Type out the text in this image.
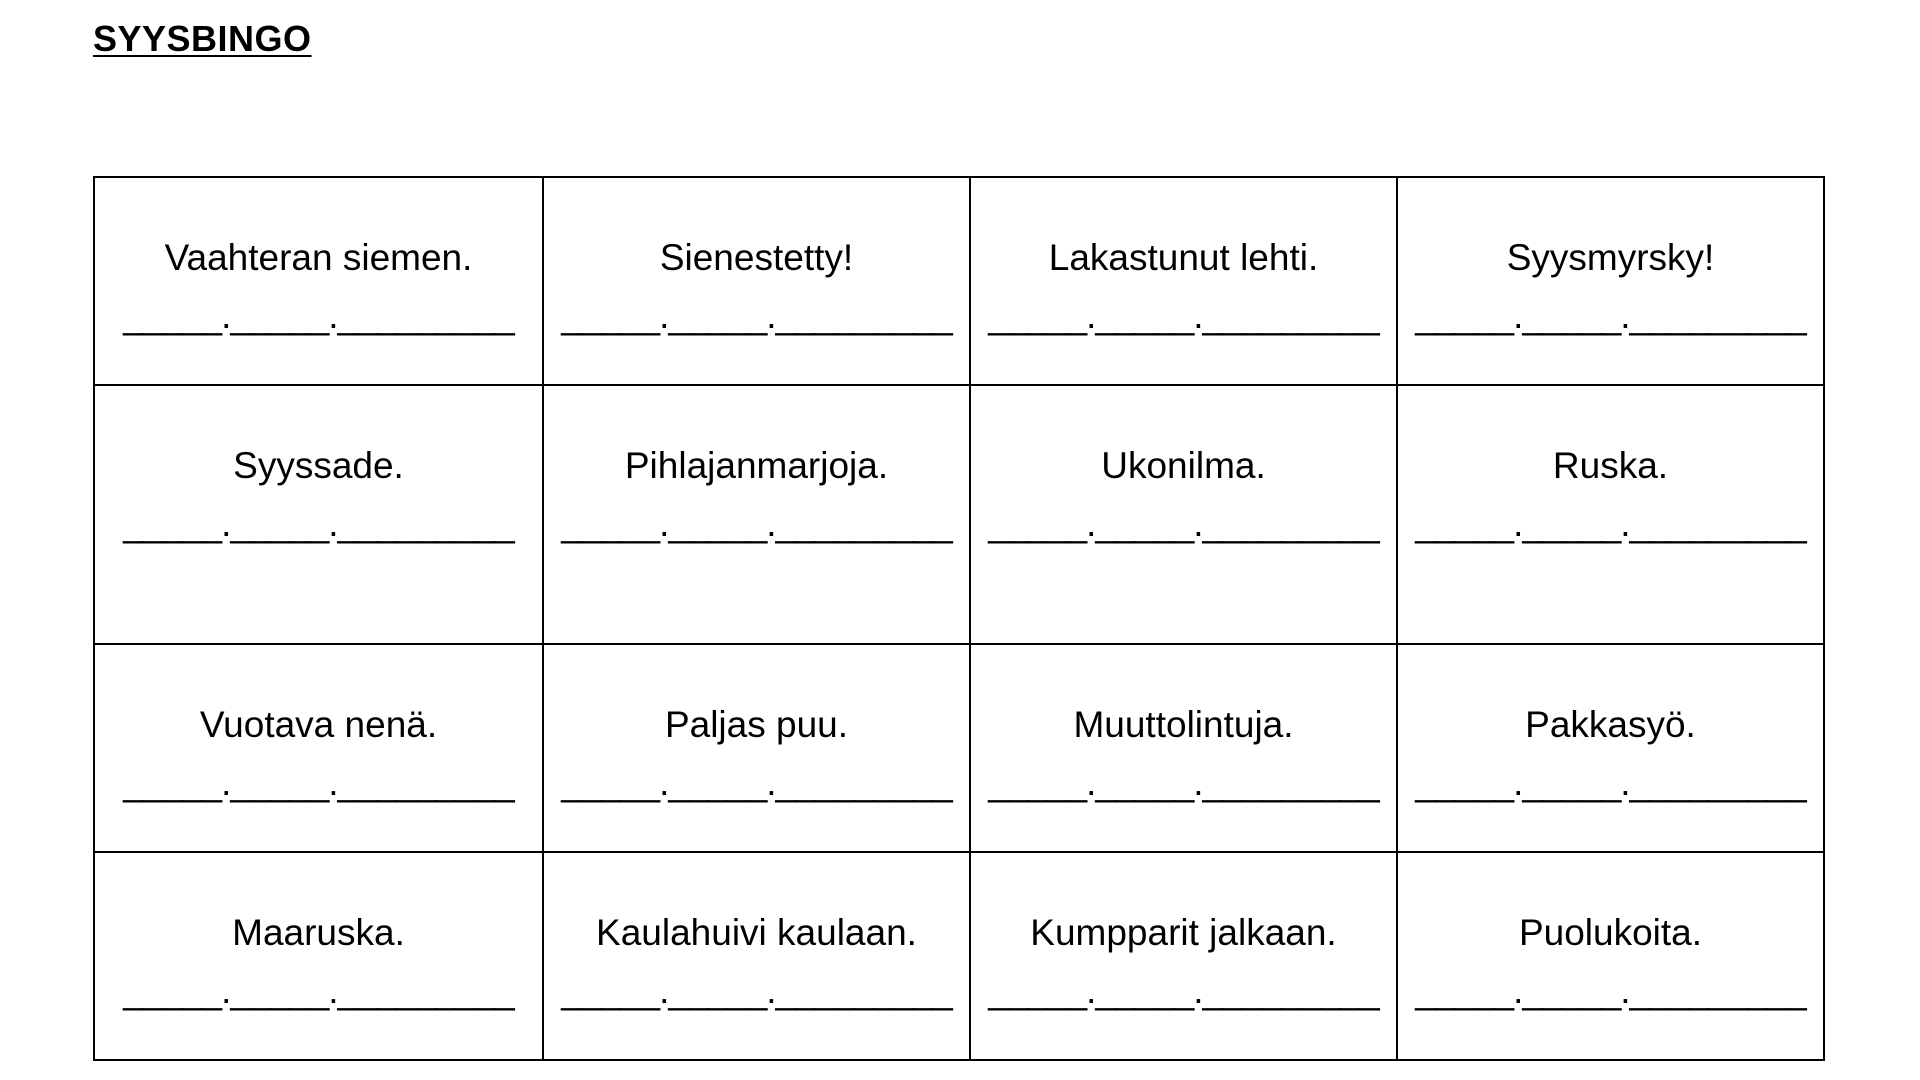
SYYSBINGO
Vaahteran siemen.
_____._____._________	Sienestetty!
_____._____._________	Lakastunut lehti.
_____._____._________	Syysmyrsky!
_____._____._________

Syyssade.
_____._____._________	Pihlajanmarjoja.
_____._____._________	Ukonilma.
_____._____._________	Ruska.
_____._____._________

Vuotava nenä.
_____._____._________	Paljas puu.
_____._____._________	Muuttolintuja.
_____._____._________	Pakkasyö.
_____._____._________

Maaruska.
_____._____._________	Kaulahuivi kaulaan.
_____._____._________	Kumpparit jalkaan.
_____._____._________	Puolukoita.
_____._____._________
